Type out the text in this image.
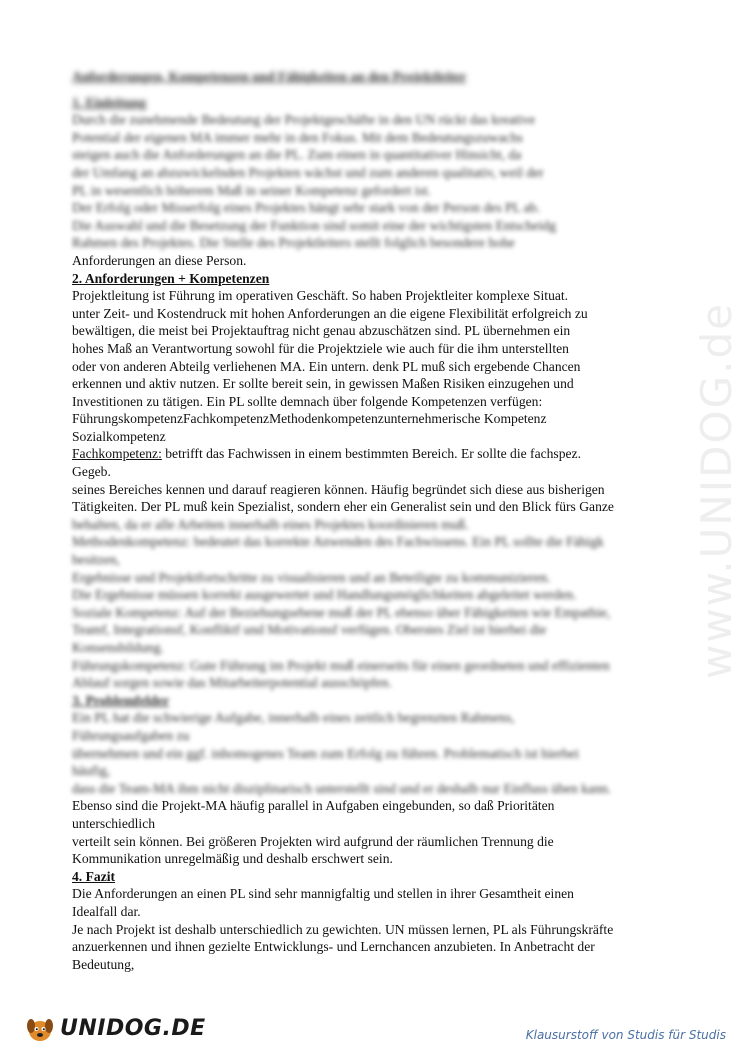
Anforderungen, Kompetenzen und Fähigkeiten an den Projektleiter
1. Einleitung
Durch die zunehmende Bedeutung der Projektgeschäfte in den UN rückt das kreative
Potential der eigenen MA immer mehr in den Fokus. Mit dem Bedeutungszuwachs
steigen auch die Anforderungen an die PL. Zum einen in quantitativer Hinsicht, da
der Umfang an abzuwickelnden Projekten wächst und zum anderen qualitativ, weil der
PL in wesentlich höherem Maß in seiner Kompetenz gefordert ist.
Der Erfolg oder Misserfolg eines Projektes hängt sehr stark von der Person des PL ab.
Die Auswahl und die Besetzung der Funktion sind somit eine der wichtigsten Entscheidg
Rahmen des Projektes. Die Stelle des Projektleiters stellt folglich besondere hohe
Anforderungen an diese Person.
2. Anforderungen + Kompetenzen
Projektleitung ist Führung im operativen Geschäft. So haben Projektleiter komplexe Situat.
unter Zeit- und Kostendruck mit hohen Anforderungen an die eigene Flexibilität erfolgreich zu
bewältigen, die meist bei Projektauftrag nicht genau abzuschätzen sind. PL übernehmen ein
hohes Maß an Verantwortung sowohl für die Projektziele wie auch für die ihm unterstellten
oder von anderen Abteilg verliehenen MA. Ein untern. denk PL muß sich ergebende Chancen
erkennen und aktiv nutzen. Er sollte bereit sein, in gewissen Maßen Risiken einzugehen und
Investitionen zu tätigen. Ein PL sollte demnach über folgende Kompetenzen verfügen:
FührungskompetenzFachkompetenzMethodenkompetenzunternehmerische Kompetenz
Sozialkompetenz
Fachkompetenz: betrifft das Fachwissen in einem bestimmten Bereich. Er sollte die fachspez.
Gegeb.
seines Bereiches kennen und darauf reagieren können. Häufig begründet sich diese aus bisherigen
Tätigkeiten. Der PL muß kein Spezialist, sondern eher ein Generalist sein und den Blick fürs Ganze
behalten, da er alle Arbeiten innerhalb eines Projektes koordinieren muß.
Methodenkompetenz: bedeutet das korrekte Anwenden des Fachwissens. Ein PL sollte die Fähigk
besitzen,
Ergebnisse und Projektfortschritte zu visualisieren und an Beteiligte zu kommunizieren.
Die Ergebnisse müssen korrekt ausgewertet und Handlungsmöglichkeiten abgeleitet werden.
Soziale Kompetenz: Auf der Beziehungsebene muß der PL ebenso über Fähigkeiten wie Empathie,
Teamf, Integrationsf, Konfliktf und Motivationsf verfügen. Oberstes Ziel ist hierbei die
Konsensbildung.
Führungskompetenz: Gute Führung im Projekt muß einerseits für einen geordneten und effizienten
Ablauf sorgen sowie das Mitarbeiterpotential ausschöpfen.
3. Problemfelder
Ein PL hat die schwierige Aufgabe, innerhalb eines zeitlich begrenzten Rahmens,
Führungsaufgaben zu
übernehmen und ein ggf. inhomogenes Team zum Erfolg zu führen. Problematisch ist hierbei
häufig,
dass die Team-MA ihm nicht disziplinarisch unterstellt sind und er deshalb nur Einfluss üben kann.
Ebenso sind die Projekt-MA häufig parallel in Aufgaben eingebunden, so daß Prioritäten
unterschiedlich
verteilt sein können. Bei größeren Projekten wird aufgrund der räumlichen Trennung die
Kommunikation unregelmäßig und deshalb erschwert sein.
4. Fazit
Die Anforderungen an einen PL sind sehr mannigfaltig und stellen in ihrer Gesamtheit einen
Idealfall dar.
Je nach Projekt ist deshalb unterschiedlich zu gewichten. UN müssen lernen, PL als Führungskräfte
anzuerkennen und ihnen gezielte Entwicklungs- und Lernchancen anzubieten. In Anbetracht der
Bedeutung,
www.UNIDOG.de
UNIDOG.DE	Klausurstoff von Studis für Studis
